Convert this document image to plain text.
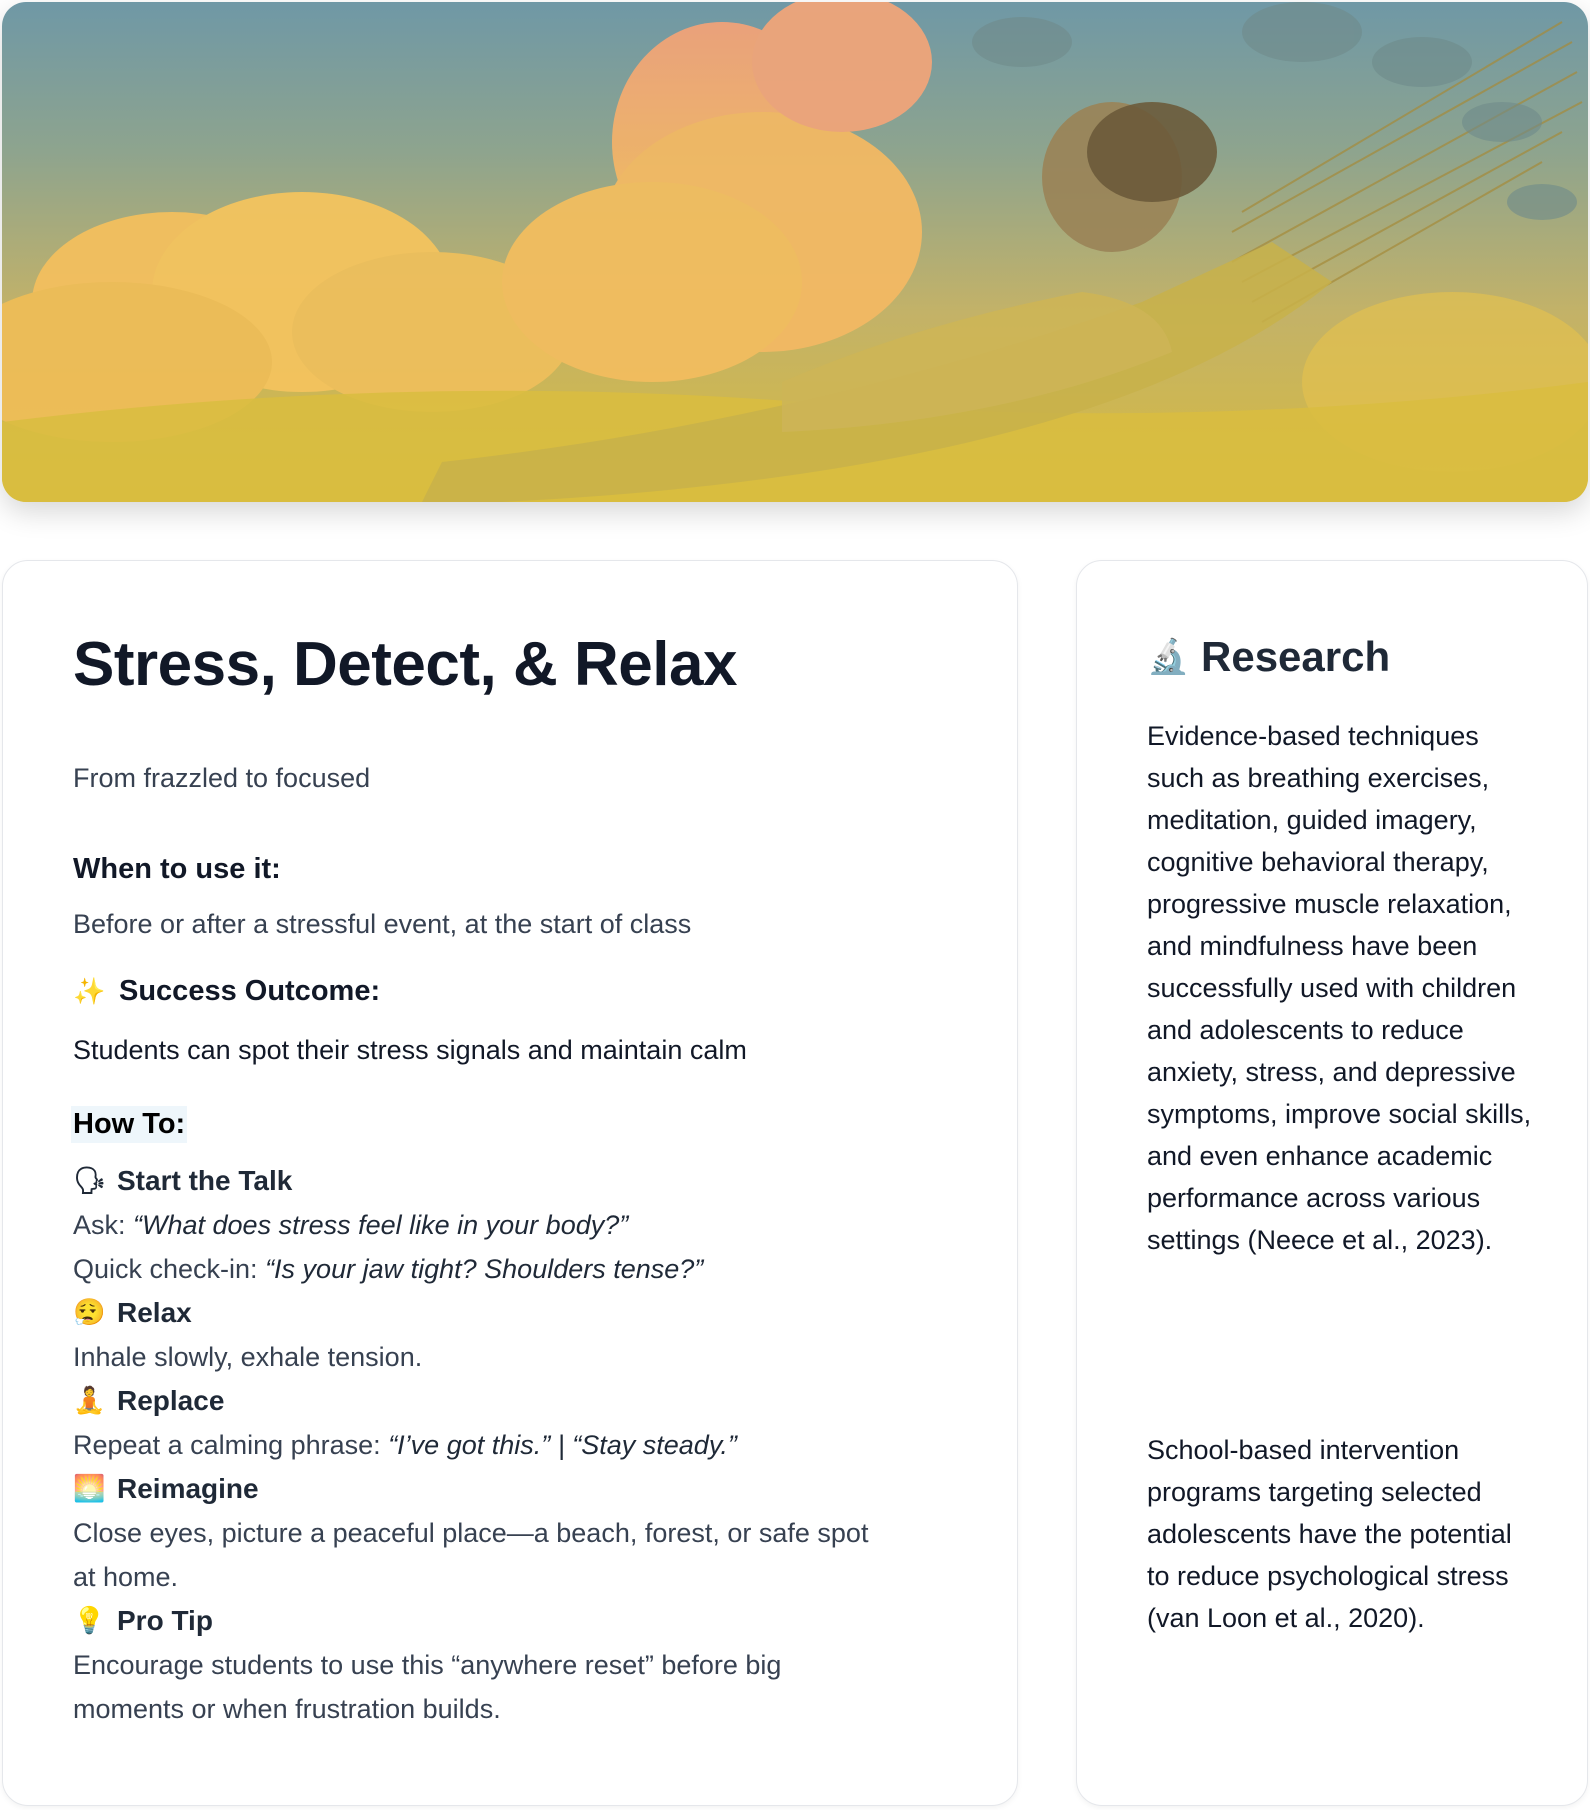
Stress, Detect, & Relax
From frazzled to focused
When to use it:
Before or after a stressful event, at the start of class
✨ Success Outcome:
Students can spot their stress signals and maintain calm
How To:
🗣 Start the Talk
Ask: “What does stress feel like in your body?”
Quick check-in: “Is your jaw tight? Shoulders tense?”
😮‍💨 Relax
Inhale slowly, exhale tension.
🧘 Replace
Repeat a calming phrase: “I’ve got this.” | “Stay steady.”
🌅 Reimagine
Close eyes, picture a peaceful place—a beach, forest, or safe spot
at home.
💡 Pro Tip
Encourage students to use this “anywhere reset” before big
moments or when frustration builds.
🔬 Research

Evidence-based techniques such as breathing exercises, meditation, guided imagery, cognitive behavioral therapy, progressive muscle relaxation, and mindfulness have been successfully used with children and adolescents to reduce anxiety, stress, and depressive symptoms, improve social skills, and even enhance academic performance across various settings (Neece et al., 2023).

School-based intervention programs targeting selected adolescents have the potential to reduce psychological stress (van Loon et al., 2020).
